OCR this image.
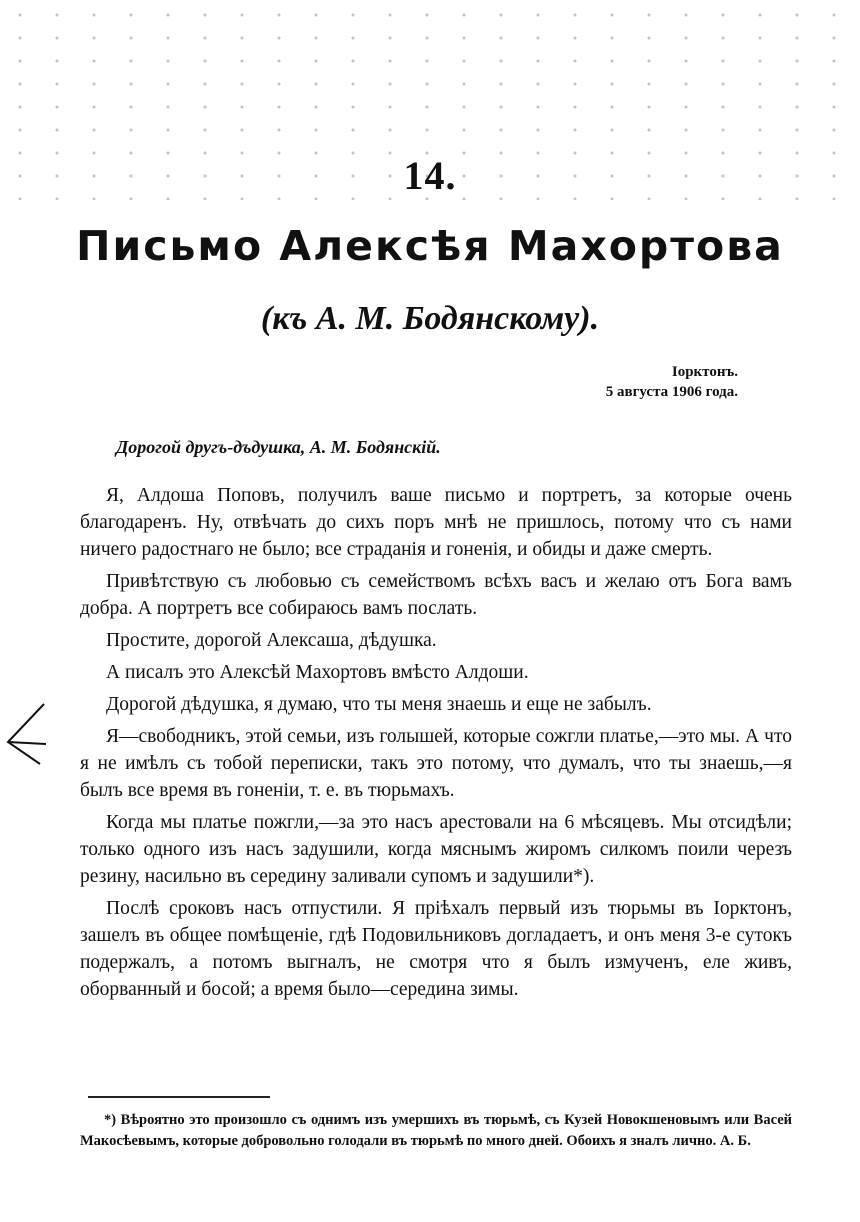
14.
Письмо Алексѣя Махортова
(къ А. М. Бодянскому).
Іорктонъ.
5 августа 1906 года.
Дорогой другъ-дъдушка, А. М. Бодянскій.

Я, Алдоша Поповъ, получилъ ваше письмо и портретъ, за которые очень благодаренъ. Ну, отвѣчать до сихъ поръ мнѣ не пришлось, потому что съ нами ничего радостнаго не было; все страданія и гоненія, и обиды и даже смерть.

Привѣтствую съ любовью съ семействомъ всѣхъ васъ и желаю отъ Бога вамъ добра. А портретъ все собираюсь вамъ послать.

Простите, дорогой Алексаша, дѣдушка.

А писалъ это Алексѣй Махортовъ вмѣсто Алдоши.

Дорогой дѣдушка, я думаю, что ты меня знаешь и еще не забылъ.

Я—свободникъ, этой семьи, изъ голышей, которые сожгли платье,—это мы. А что я не имѣлъ съ тобой переписки, такъ это потому, что думалъ, что ты знаешь,—я былъ все время въ гоненіи, т. е. въ тюрьмахъ.

Когда мы платье пожгли,—за это насъ арестовали на 6 мѣсяцевъ. Мы отсидѣли; только одного изъ насъ задушили, когда мяснымъ жиромъ силкомъ поили черезъ резину, насильно въ середину заливали супомъ и задушили*).

Послѣ сроковъ насъ отпустили. Я пріѣхалъ первый изъ тюрьмы въ Іорктонъ, зашелъ въ общее помѣщеніе, гдѣ Подовильниковъ догладаетъ, и онъ меня 3-е сутокъ подержалъ, а потомъ выгналъ, не смотря что я былъ измученъ, еле живъ, оборванный и босой; а время было—середина зимы.

*) Вѣроятно это произошло съ однимъ изъ умершихъ въ тюрьмѣ, съ Кузей Новокшеновымъ или Васей Макосѣевымъ, которые добровольно голодали въ тюрьмѣ по много дней. Обоихъ я зналъ лично. А. Б.
